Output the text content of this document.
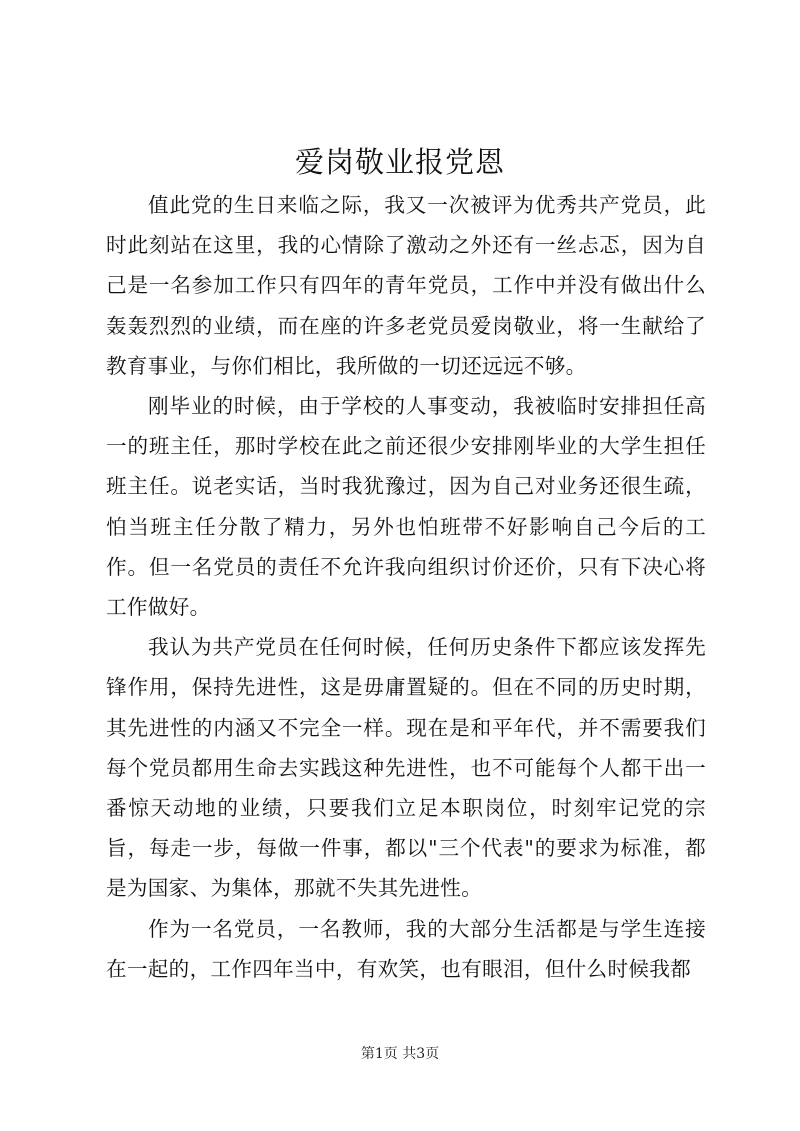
爱岗敬业报党恩

值此党的生日来临之际，我又一次被评为优秀共产党员，此时此刻站在这里，我的心情除了激动之外还有一丝忐忑，因为自己是一名参加工作只有四年的青年党员，工作中并没有做出什么轰轰烈烈的业绩，而在座的许多老党员爱岗敬业，将一生献给了教育事业，与你们相比，我所做的一切还远远不够。

刚毕业的时候，由于学校的人事变动，我被临时安排担任高一的班主任，那时学校在此之前还很少安排刚毕业的大学生担任班主任。说老实话，当时我犹豫过，因为自己对业务还很生疏，怕当班主任分散了精力，另外也怕班带不好影响自己今后的工作。但一名党员的责任不允许我向组织讨价还价，只有下决心将工作做好。

我认为共产党员在任何时候，任何历史条件下都应该发挥先锋作用，保持先进性，这是毋庸置疑的。但在不同的历史时期，其先进性的内涵又不完全一样。现在是和平年代，并不需要我们每个党员都用生命去实践这种先进性，也不可能每个人都干出一番惊天动地的业绩，只要我们立足本职岗位，时刻牢记党的宗旨，每走一步，每做一件事，都以"三个代表"的要求为标准，都是为国家、为集体，那就不失其先进性。

作为一名党员，一名教师，我的大部分生活都是与学生连接在一起的，工作四年当中，有欢笑，也有眼泪，但什么时候我都

第1页 共3页
